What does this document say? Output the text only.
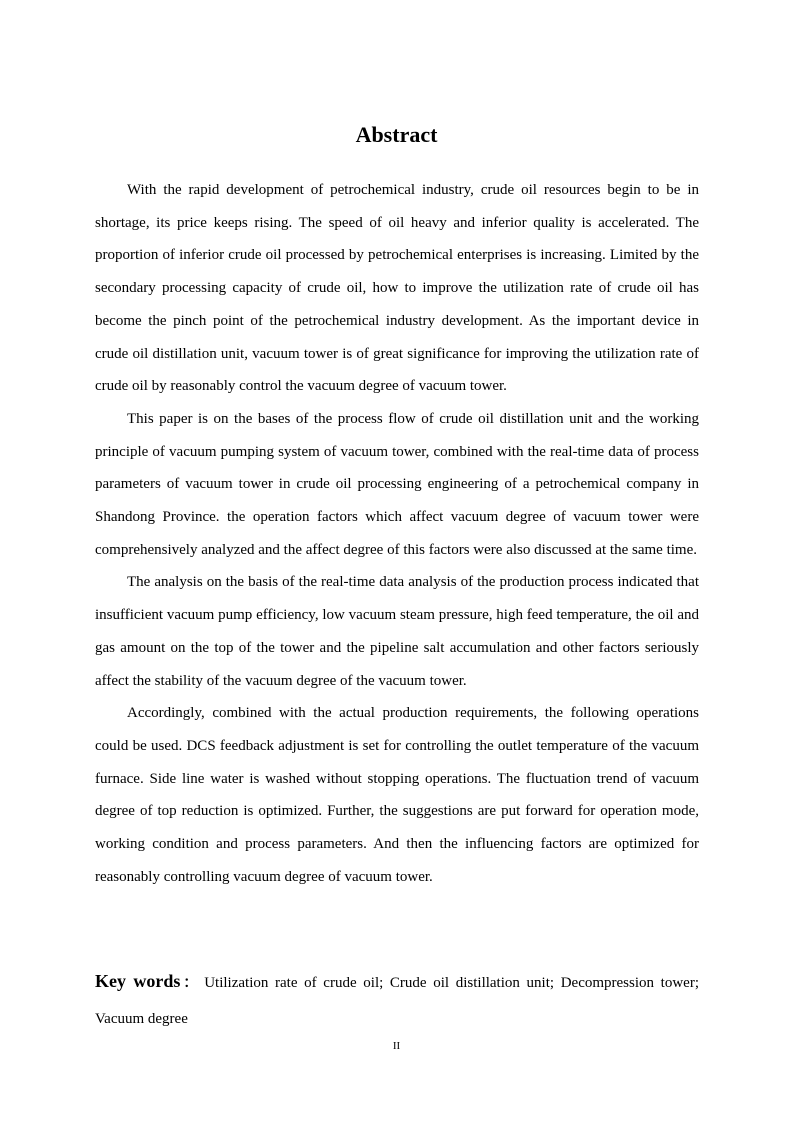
Abstract

With the rapid development of petrochemical industry, crude oil resources begin to be in shortage, its price keeps rising. The speed of oil heavy and inferior quality is accelerated. The proportion of inferior crude oil processed by petrochemical enterprises is increasing. Limited by the secondary processing capacity of crude oil, how to improve the utilization rate of crude oil has become the pinch point of the petrochemical industry development. As the important device in crude oil distillation unit, vacuum tower is of great significance for improving the utilization rate of crude oil by reasonably control the vacuum degree of vacuum tower.

This paper is on the bases of the process flow of crude oil distillation unit and the working principle of vacuum pumping system of vacuum tower, combined with the real-time data of process parameters of vacuum tower in crude oil processing engineering of a petrochemical company in Shandong Province. the operation factors which affect vacuum degree of vacuum tower were comprehensively analyzed and the affect degree of this factors were also discussed at the same time.

The analysis on the basis of the real-time data analysis of the production process indicated that insufficient vacuum pump efficiency, low vacuum steam pressure, high feed temperature, the oil and gas amount on the top of the tower and the pipeline salt accumulation and other factors seriously affect the stability of the vacuum degree of the vacuum tower.

Accordingly, combined with the actual production requirements, the following operations could be used. DCS feedback adjustment is set for controlling the outlet temperature of the vacuum furnace. Side line water is washed without stopping operations. The fluctuation trend of vacuum degree of top reduction is optimized. Further, the suggestions are put forward for operation mode, working condition and process parameters. And then the influencing factors are optimized for reasonably controlling vacuum degree of vacuum tower.

Key words： Utilization rate of crude oil; Crude oil distillation unit; Decompression tower; Vacuum degree
II
